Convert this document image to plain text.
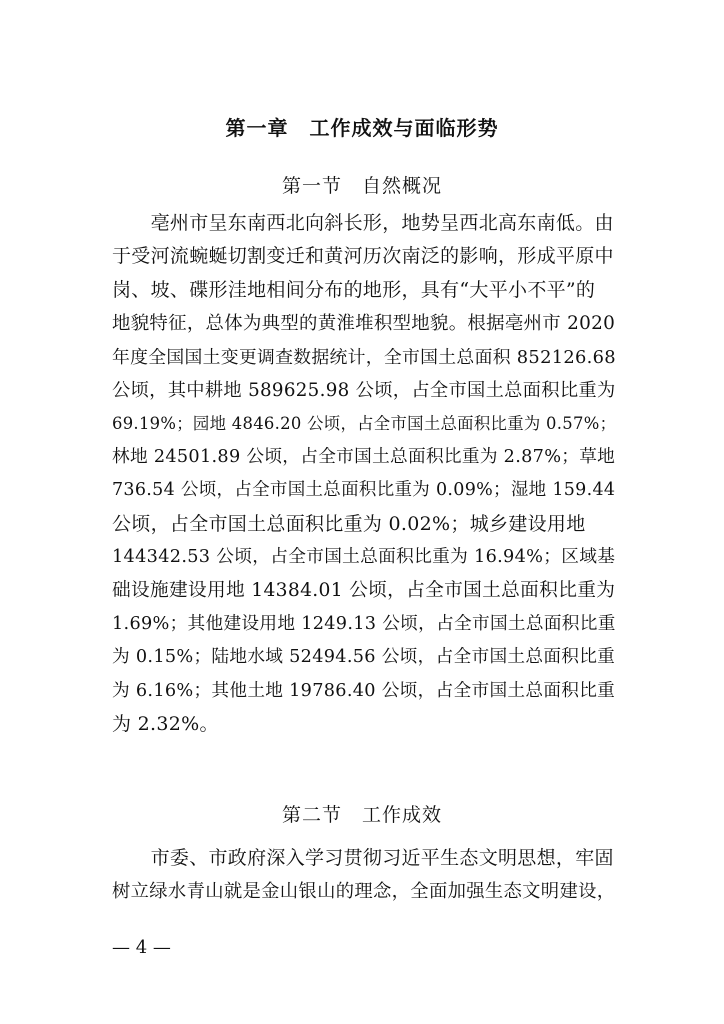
第一章　工作成效与面临形势
第一节　自然概况
　　亳州市呈东南西北向斜长形，地势呈西北高东南低。由
于受河流蜿蜒切割变迁和黄河历次南泛的影响，形成平原中
岗、坡、碟形洼地相间分布的地形，具有“大平小不平”的
地貌特征，总体为典型的黄淮堆积型地貌。根据亳州市 2020
年度全国国土变更调查数据统计，全市国土总面积 852126.68
公顷，其中耕地 589625.98 公顷，占全市国土总面积比重为
69.19%；园地 4846.20 公顷，占全市国土总面积比重为 0.57%；
林地 24501.89 公顷，占全市国土总面积比重为 2.87%；草地
736.54 公顷，占全市国土总面积比重为 0.09%；湿地 159.44
公顷，占全市国土总面积比重为 0.02%；城乡建设用地
144342.53 公顷，占全市国土总面积比重为 16.94%；区域基
础设施建设用地 14384.01 公顷，占全市国土总面积比重为
1.69%；其他建设用地 1249.13 公顷，占全市国土总面积比重
为 0.15%；陆地水域 52494.56 公顷，占全市国土总面积比重
为 6.16%；其他土地 19786.40 公顷，占全市国土总面积比重
为 2.32%。
第二节　工作成效
　　市委、市政府深入学习贯彻习近平生态文明思想，牢固
树立绿水青山就是金山银山的理念，全面加强生态文明建设，
— 4 —
